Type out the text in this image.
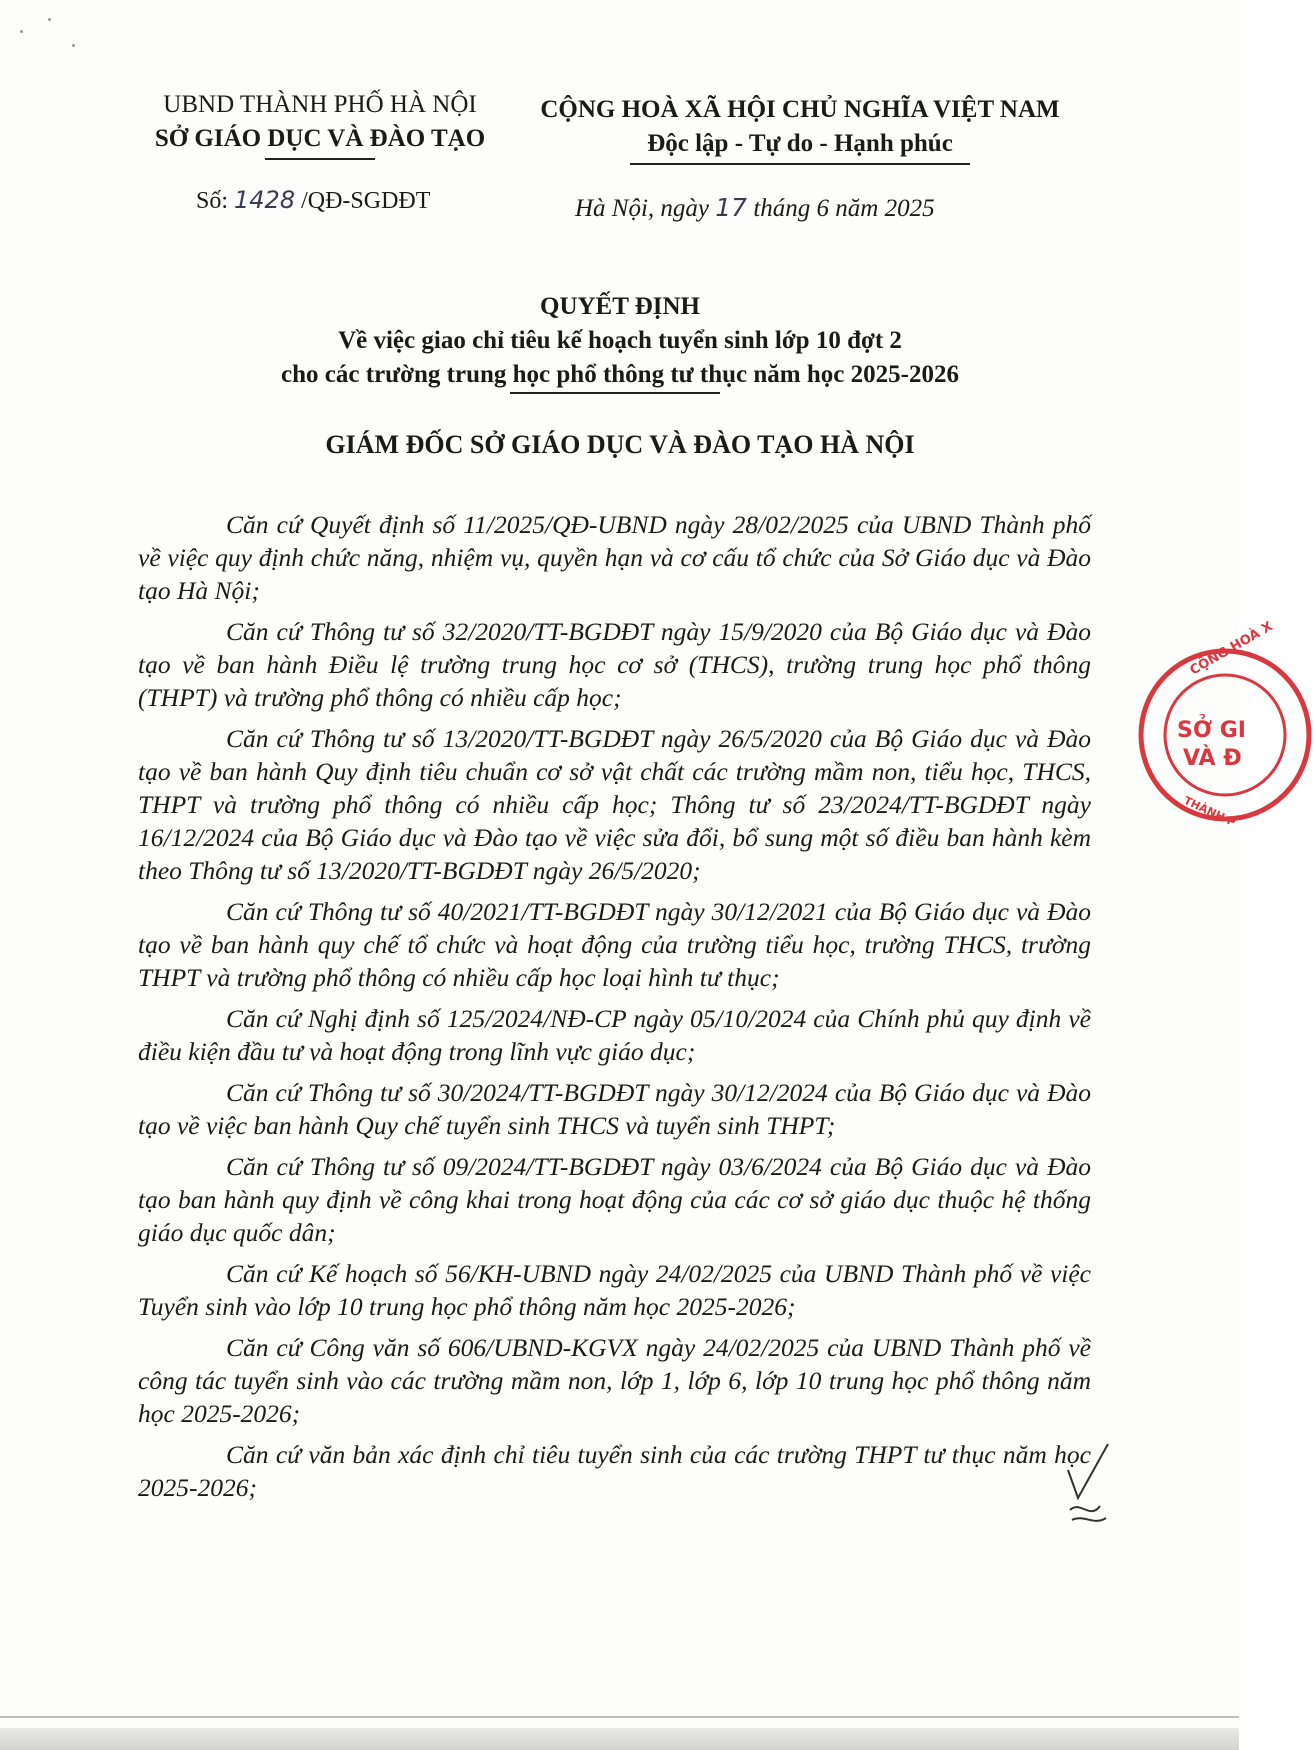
UBND THÀNH PHỐ HÀ NỘI
SỞ GIÁO DỤC VÀ ĐÀO TẠO
CỘNG HOÀ XÃ HỘI CHỦ NGHĨA VIỆT NAM
Độc lập - Tự do - Hạnh phúc
Số: 1428 /QĐ-SGDĐT	Hà Nội, ngày 17 tháng 6 năm 2025
QUYẾT ĐỊNH
Về việc giao chỉ tiêu kế hoạch tuyển sinh lớp 10 đợt 2
cho các trường trung học phổ thông tư thục năm học 2025-2026
GIÁM ĐỐC SỞ GIÁO DỤC VÀ ĐÀO TẠO HÀ NỘI

Căn cứ Quyết định số 11/2025/QĐ-UBND ngày 28/02/2025 của UBND Thành phố về việc quy định chức năng, nhiệm vụ, quyền hạn và cơ cấu tổ chức của Sở Giáo dục và Đào tạo Hà Nội;

Căn cứ Thông tư số 32/2020/TT-BGDĐT ngày 15/9/2020 của Bộ Giáo dục và Đào tạo về ban hành Điều lệ trường trung học cơ sở (THCS), trường trung học phổ thông (THPT) và trường phổ thông có nhiều cấp học;

Căn cứ Thông tư số 13/2020/TT-BGDĐT ngày 26/5/2020 của Bộ Giáo dục và Đào tạo về ban hành Quy định tiêu chuẩn cơ sở vật chất các trường mầm non, tiểu học, THCS, THPT và trường phổ thông có nhiều cấp học; Thông tư số 23/2024/TT-BGDĐT ngày 16/12/2024 của Bộ Giáo dục và Đào tạo về việc sửa đổi, bổ sung một số điều ban hành kèm theo Thông tư số 13/2020/TT-BGDĐT ngày 26/5/2020;

Căn cứ Thông tư số 40/2021/TT-BGDĐT ngày 30/12/2021 của Bộ Giáo dục và Đào tạo về ban hành quy chế tổ chức và hoạt động của trường tiểu học, trường THCS, trường THPT và trường phổ thông có nhiều cấp học loại hình tư thục;

Căn cứ Nghị định số 125/2024/NĐ-CP ngày 05/10/2024 của Chính phủ quy định về điều kiện đầu tư và hoạt động trong lĩnh vực giáo dục;

Căn cứ Thông tư số 30/2024/TT-BGDĐT ngày 30/12/2024 của Bộ Giáo dục và Đào tạo về việc ban hành Quy chế tuyển sinh THCS và tuyển sinh THPT;

Căn cứ Thông tư số 09/2024/TT-BGDĐT ngày 03/6/2024 của Bộ Giáo dục và Đào tạo ban hành quy định về công khai trong hoạt động của các cơ sở giáo dục thuộc hệ thống giáo dục quốc dân;

Căn cứ Kế hoạch số 56/KH-UBND ngày 24/02/2025 của UBND Thành phố về việc Tuyển sinh vào lớp 10 trung học phổ thông năm học 2025-2026;

Căn cứ Công văn số 606/UBND-KGVX ngày 24/02/2025 của UBND Thành phố về công tác tuyển sinh vào các trường mầm non, lớp 1, lớp 6, lớp 10 trung học phổ thông năm học 2025-2026;

Căn cứ văn bản xác định chỉ tiêu tuyển sinh của các trường THPT tư thục năm học 2025-2026;

CỘNG HOÀ X
SỞ GI
VÀ Đ
THÀNH P
